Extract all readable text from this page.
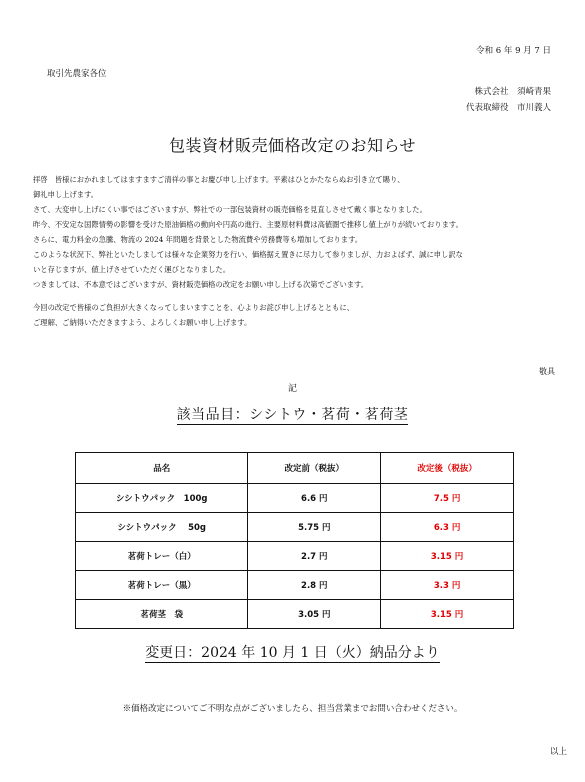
令和 6 年 9 月 7 日
取引先農家各位
株式会社　須崎青果
代表取締役　市川義人
包装資材販売価格改定のお知らせ

拝啓　皆様におかれましてはますますご清祥の事とお慶び申し上げます。平素はひとかたならぬお引き立て賜り、

御礼申し上げます。

さて、大変申し上げにくい事ではございますが、弊社での一部包装資材の販売価格を見直しさせて戴く事となりました。

昨今、不安定な国際情勢の影響を受けた原油価格の動向や円高の進行、主要原材料費は高値圏で推移し値上がりが続いております。

さらに、電力料金の急騰、物流の 2024 年問題を背景とした物流費や労務費等も増加しております。

このような状況下、弊社といたしましては様々な企業努力を行い、価格据え置きに尽力して参りましが、力およばず、誠に申し訳な

いと存じますが、値上げさせていただく運びとなりました。

つきましては、不本意ではございますが、資材販売価格の改定をお願い申し上げる次第でございます。

今回の改定で皆様のご負担が大きくなってしまいますことを、心よりお詫び申し上げるとともに、

ご理解、ご納得いただきますよう、よろしくお願い申し上げます。

敬具
記
該当品目：シシトウ・茗荷・茗荷茎
品名	改定前（税抜）	改定後（税抜）
シシトウパック　100g	6.6 円	7.5 円
シシトウパック　 50g	5.75 円	6.3 円
茗荷トレー（白）	2.7 円	3.15 円
茗荷トレー（黒）	2.8 円	3.3 円
茗荷茎　袋	3.05 円	3.15 円
変更日：2024 年 10 月 1 日（火）納品分より
※価格改定についてご不明な点がございましたら、担当営業までお問い合わせください。
以上
